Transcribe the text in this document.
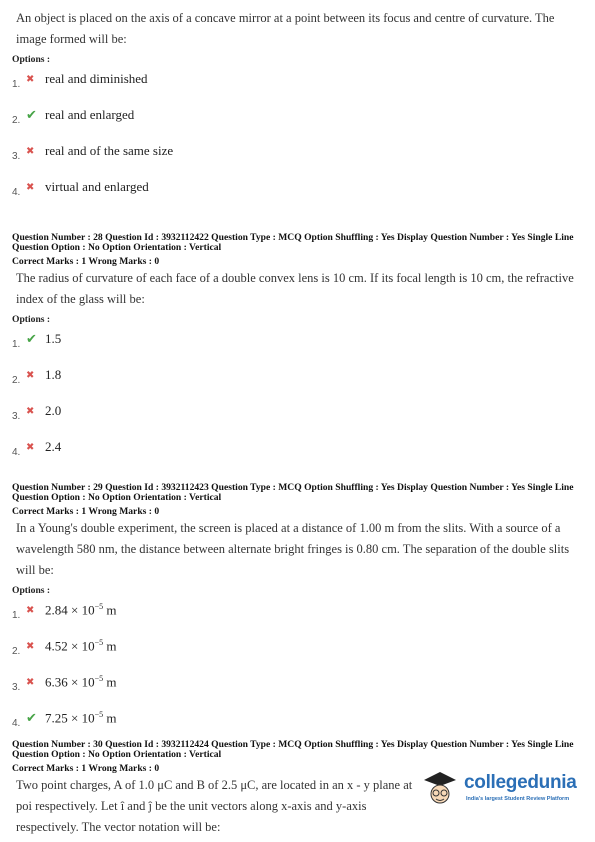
An object is placed on the axis of a concave mirror at a point between its focus and centre of curvature. The image formed will be:

Options :
1. ✖ real and diminished
2. ✔ real and enlarged
3. ✖ real and of the same size
4. ✖ virtual and enlarged

Question Number : 28 Question Id : 3932112422 Question Type : MCQ Option Shuffling : Yes Display Question Number : Yes Single Line Question Option : No Option Orientation : Vertical

Correct Marks : 1 Wrong Marks : 0

The radius of curvature of each face of a double convex lens is 10 cm. If its focal length is 10 cm, the refractive index of the glass will be:

Options :
1. ✔ 1.5
2. ✖ 1.8
3. ✖ 2.0
4. ✖ 2.4

Question Number : 29 Question Id : 3932112423 Question Type : MCQ Option Shuffling : Yes Display Question Number : Yes Single Line Question Option : No Option Orientation : Vertical

Correct Marks : 1 Wrong Marks : 0

In a Young's double experiment, the screen is placed at a distance of 1.00 m from the slits. With a source of a wavelength 580 nm, the distance between alternate bright fringes is 0.80 cm. The separation of the double slits will be:

Options :
1. ✖ $2.84 \times 10^{-5}$ m
2. ✖ $4.52 \times 10^{-5}$ m
3. ✖ $6.36 \times 10^{-5}$ m
4. ✔ $7.25 \times 10^{-5}$ m

Question Number : 30 Question Id : 3932112424 Question Type : MCQ Option Shuffling : Yes Display Question Number : Yes Single Line Question Option : No Option Orientation : Vertical

Correct Marks : 1 Wrong Marks : 0

Two point charges, A of 1.0 μC and B of 2.5 μC, are located in an x - y plane at poi respectively. Let î and ĵ be the unit vectors along x-axis and y-axis respectively. The vector notation will be:

collegedunia
India's largest Student Review Platform
